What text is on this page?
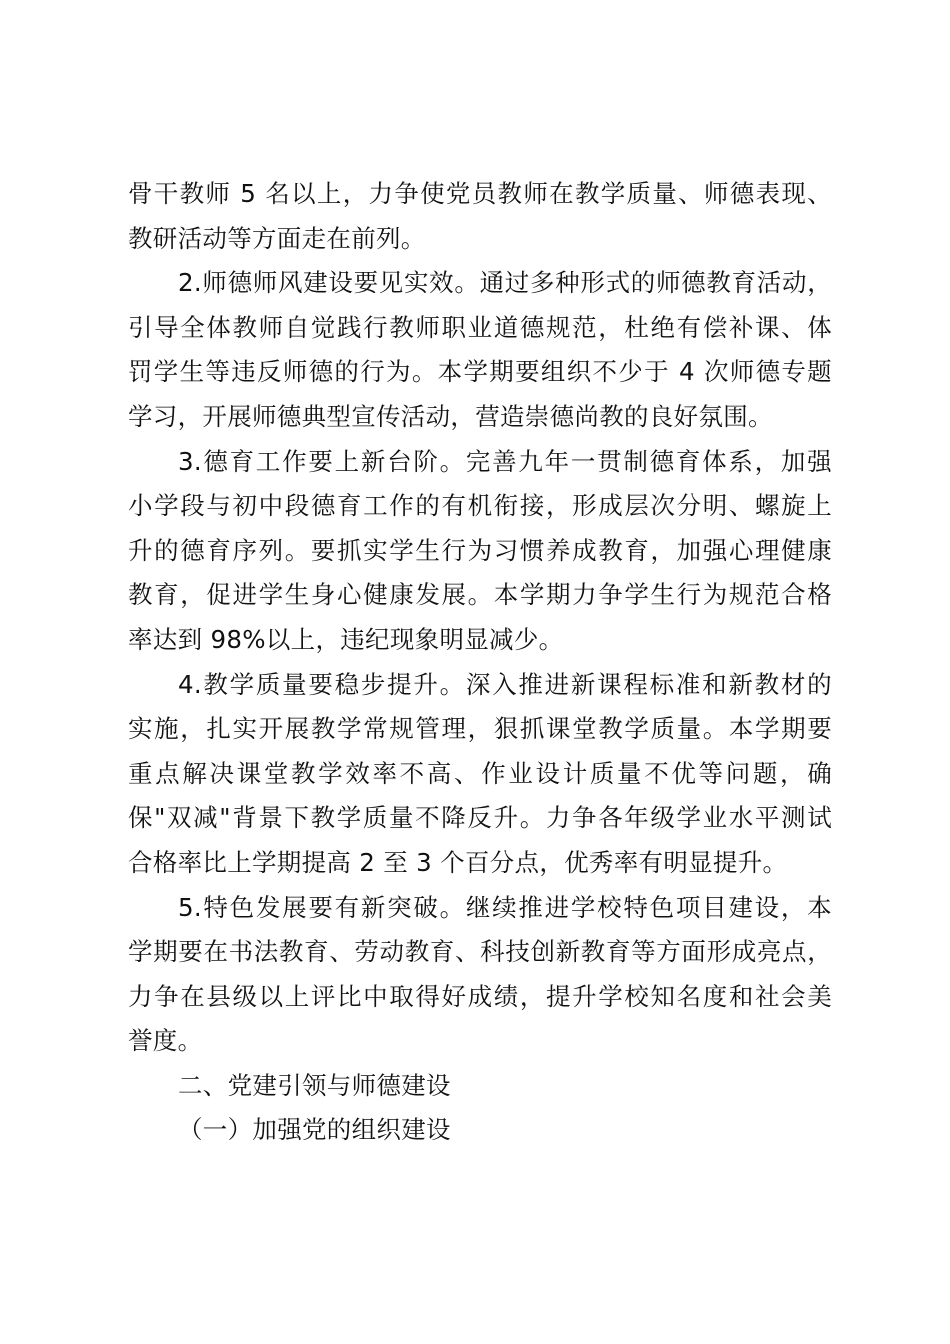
骨干教师 5 名以上，力争使党员教师在教学质量、师德表现、
教研活动等方面走在前列。
2.师德师风建设要见实效。通过多种形式的师德教育活动，
引导全体教师自觉践行教师职业道德规范，杜绝有偿补课、体
罚学生等违反师德的行为。本学期要组织不少于 4 次师德专题
学习，开展师德典型宣传活动，营造崇德尚教的良好氛围。
3.德育工作要上新台阶。完善九年一贯制德育体系，加强
小学段与初中段德育工作的有机衔接，形成层次分明、螺旋上
升的德育序列。要抓实学生行为习惯养成教育，加强心理健康
教育，促进学生身心健康发展。本学期力争学生行为规范合格
率达到 98%以上，违纪现象明显减少。
4.教学质量要稳步提升。深入推进新课程标准和新教材的
实施，扎实开展教学常规管理，狠抓课堂教学质量。本学期要
重点解决课堂教学效率不高、作业设计质量不优等问题，确
保"双减"背景下教学质量不降反升。力争各年级学业水平测试
合格率比上学期提高 2 至 3 个百分点，优秀率有明显提升。
5.特色发展要有新突破。继续推进学校特色项目建设，本
学期要在书法教育、劳动教育、科技创新教育等方面形成亮点，
力争在县级以上评比中取得好成绩，提升学校知名度和社会美
誉度。
二、党建引领与师德建设
（一）加强党的组织建设
